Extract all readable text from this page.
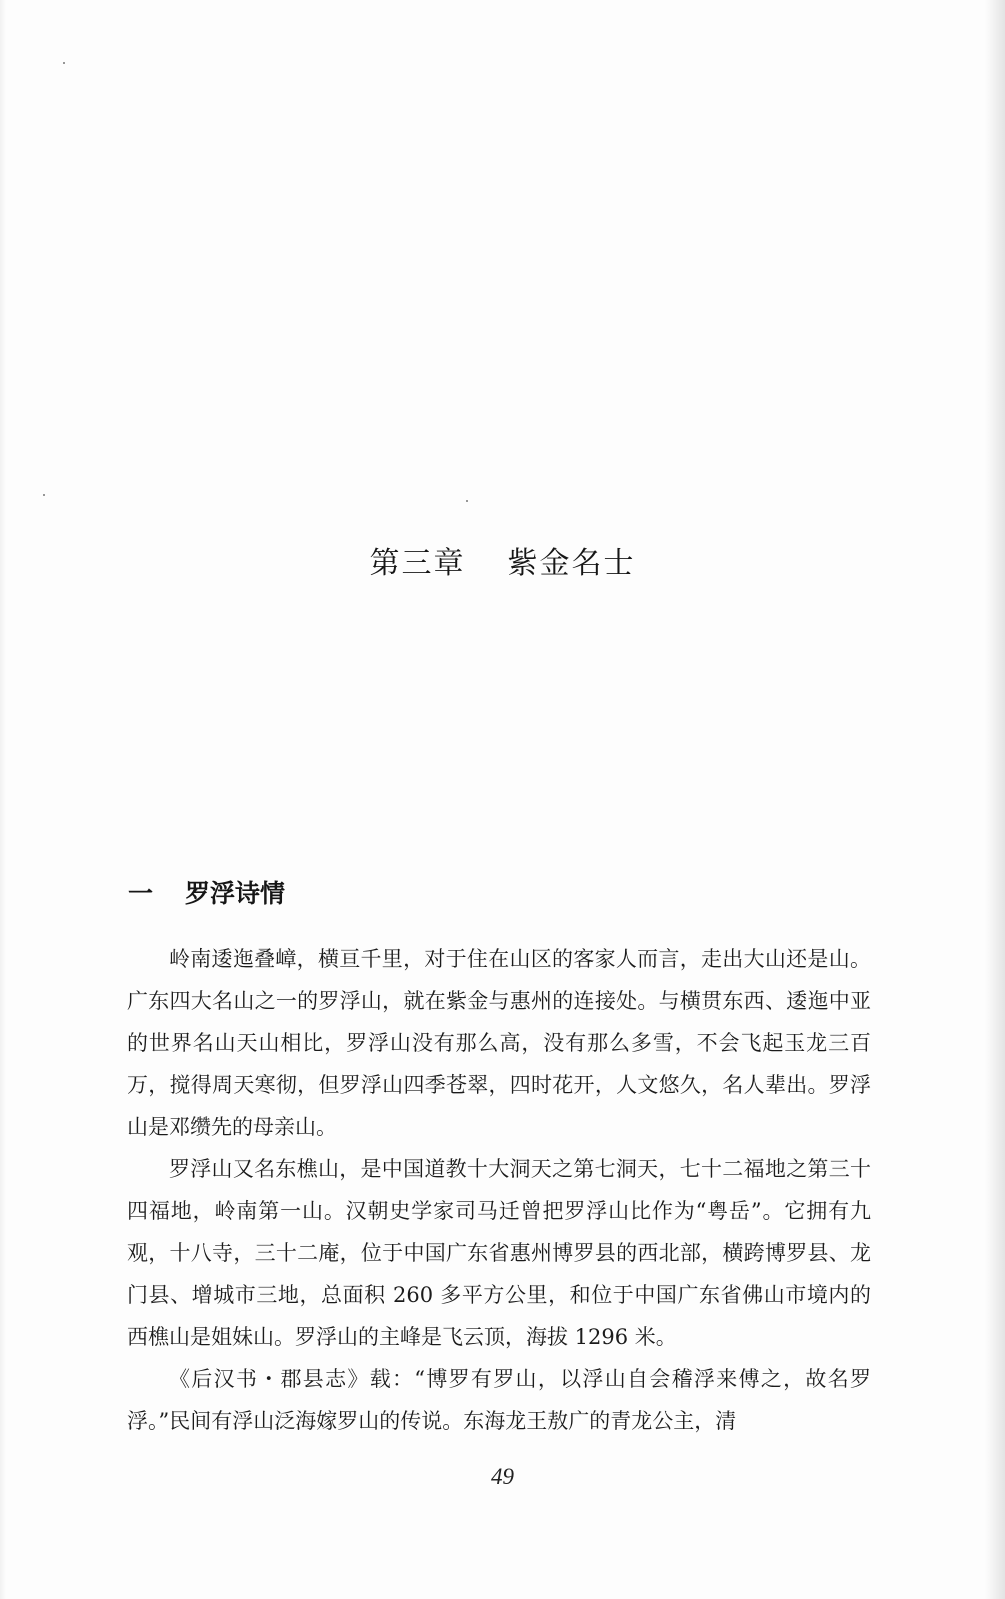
第三章 紫金名士
一 罗浮诗情

岭南逶迤叠嶂，横亘千里，对于住在山区的客家人而言，走出大山还是山。广东四大名山之一的罗浮山，就在紫金与惠州的连接处。与横贯东西、逶迤中亚的世界名山天山相比，罗浮山没有那么高，没有那么多雪，不会飞起玉龙三百万，搅得周天寒彻，但罗浮山四季苍翠，四时花开，人文悠久，名人辈出。罗浮山是邓缵先的母亲山。

罗浮山又名东樵山，是中国道教十大洞天之第七洞天，七十二福地之第三十四福地，岭南第一山。汉朝史学家司马迁曾把罗浮山比作为“粤岳”。它拥有九观，十八寺，三十二庵，位于中国广东省惠州博罗县的西北部，横跨博罗县、龙门县、增城市三地，总面积 260 多平方公里，和位于中国广东省佛山市境内的西樵山是姐妹山。罗浮山的主峰是飞云顶，海拔 1296 米。

《后汉书・郡县志》载：“博罗有罗山，以浮山自会稽浮来傅之，故名罗浮。”民间有浮山泛海嫁罗山的传说。东海龙王敖广的青龙公主，清

49
